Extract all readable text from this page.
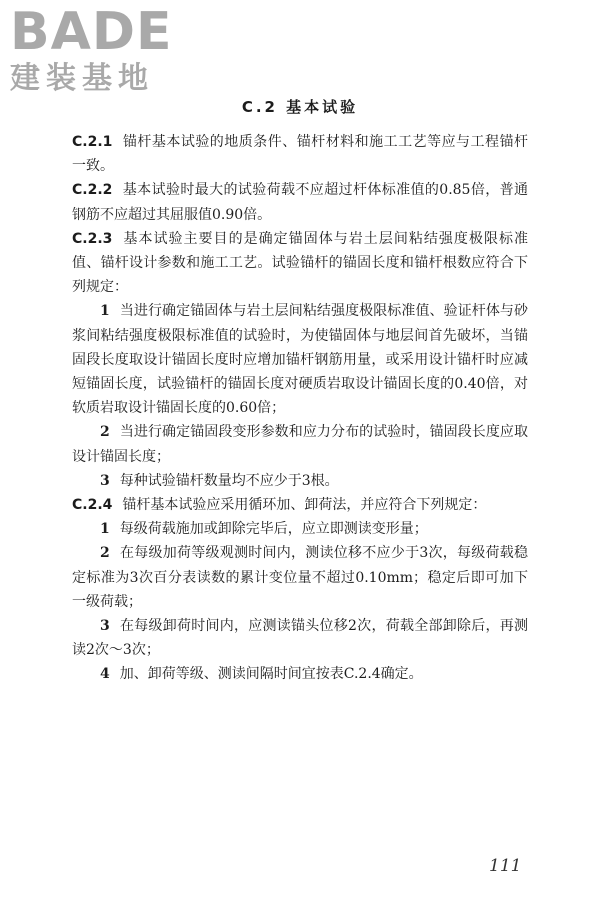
BADE
建装基地
C.2 基本试验

C.2.1 锚杆基本试验的地质条件、锚杆材料和施工工艺等应与工程锚杆一致。

C.2.2 基本试验时最大的试验荷载不应超过杆体标准值的0.85倍，普通钢筋不应超过其屈服值0.90倍。

C.2.3 基本试验主要目的是确定锚固体与岩土层间粘结强度极限标准值、锚杆设计参数和施工工艺。试验锚杆的锚固长度和锚杆根数应符合下列规定：

1 当进行确定锚固体与岩土层间粘结强度极限标准值、验证杆体与砂浆间粘结强度极限标准值的试验时，为使锚固体与地层间首先破坏，当锚固段长度取设计锚固长度时应增加锚杆钢筋用量，或采用设计锚杆时应减短锚固长度，试验锚杆的锚固长度对硬质岩取设计锚固长度的0.40倍，对软质岩取设计锚固长度的0.60倍；

2 当进行确定锚固段变形参数和应力分布的试验时，锚固段长度应取设计锚固长度；

3 每种试验锚杆数量均不应少于3根。

C.2.4 锚杆基本试验应采用循环加、卸荷法，并应符合下列规定：

1 每级荷载施加或卸除完毕后，应立即测读变形量；

2 在每级加荷等级观测时间内，测读位移不应少于3次，每级荷载稳定标准为3次百分表读数的累计变位量不超过0.10mm；稳定后即可加下一级荷载；

3 在每级卸荷时间内，应测读锚头位移2次，荷载全部卸除后，再测读2次～3次；

4 加、卸荷等级、测读间隔时间宜按表C.2.4确定。

111
